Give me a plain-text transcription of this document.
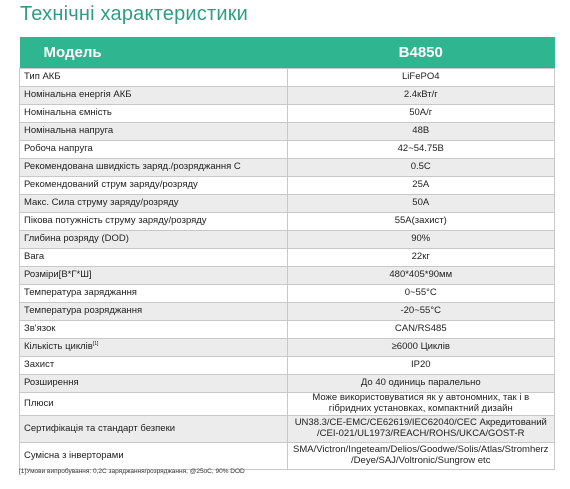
Технічні характеристики
Модель	B4850
Тип АКБ	LiFePO4
Номінальна енергія АКБ	2.4кВт/г
Номінальна ємність	50А/г
Номінальна напруга	48В
Робоча напруга	42~54.75В
Рекомендована швидкість заряд./розряджання С	0.5С
Рекомендований струм заряду/розряду	25А
Макс. Сила струму заряду/розряду	50А
Пікова потужність струму заряду/розряду	55А(захист)
Глибина розряду (DOD)	90%
Вага	22кг
Розміри[В*Г*Ш]	480*405*90мм
Температура заряджання	0~55°C
Температура розряджання	-20~55°C
Зв'язок	CAN/RS485
Кількість циклів[1]	≥6000 Циклів
Захист	IP20
Розширення	До 40 одиниць паралельно
Плюси	Може використовуватися як у автономних, так і в гібридних установках, компактний дизайн
Сертифікація та стандарт безпеки	UN38.3/CE-EMC/CE62619/IEC62040/CEC Акредитований /CEI-021/UL1973/REACH/ROHS/UKCA/GOST-R
Сумісна з інверторами	SMA/Victron/Ingeteam/Delios/Goodwe/Solis/Atlas/Stromherz /Deye/SAJ/Voltronic/Sungrow etc
[1]Умови випробування: 0,2С заряджання/розряджання, @25oC, 90% DOD
